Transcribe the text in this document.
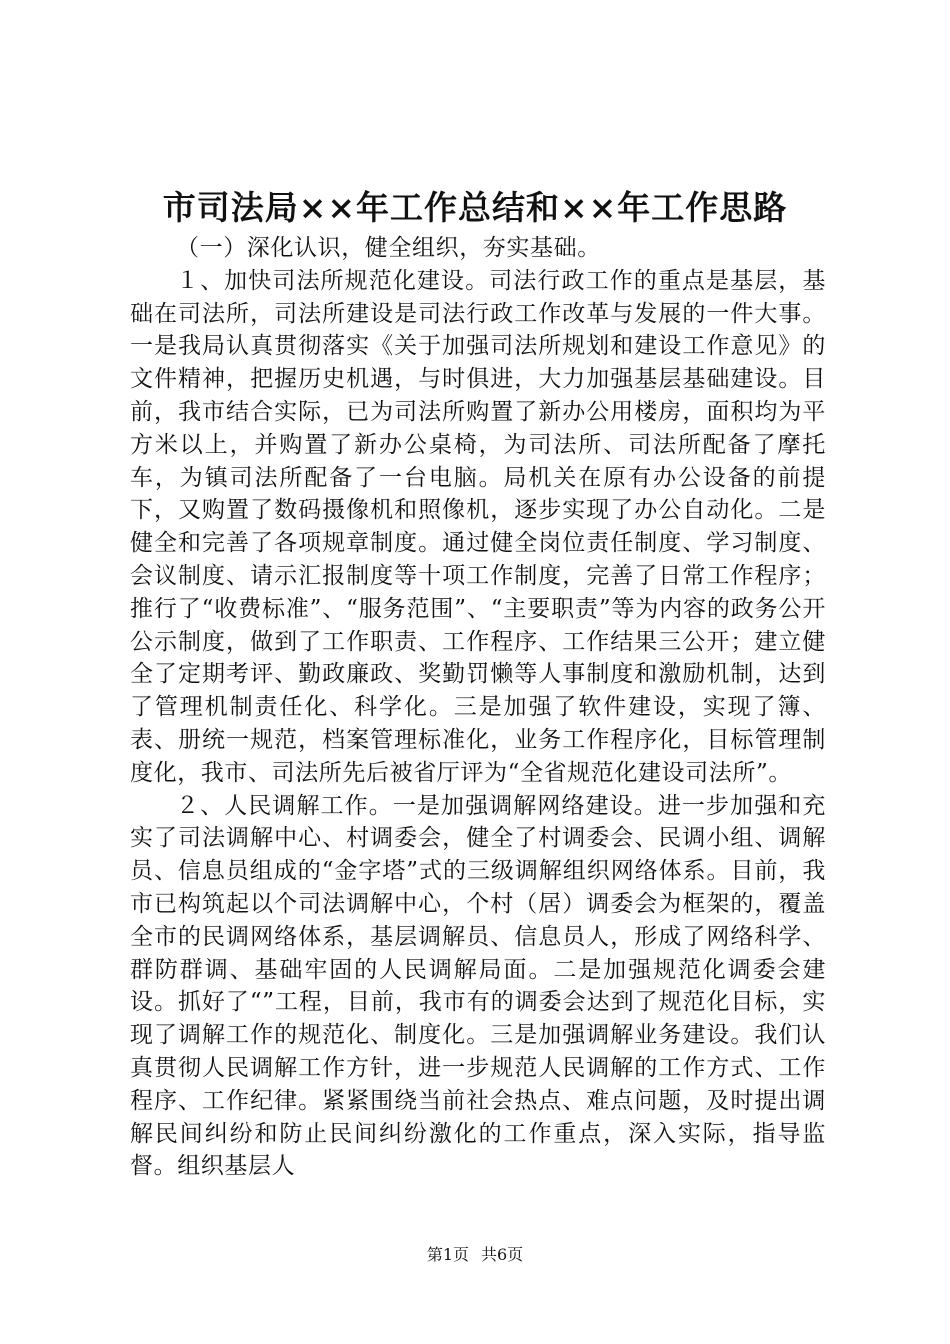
市司法局××年工作总结和××年工作思路

（一）深化认识，健全组织，夯实基础。

１、加快司法所规范化建设。司法行政工作的重点是基层，基础在司法所，司法所建设是司法行政工作改革与发展的一件大事。一是我局认真贯彻落实《关于加强司法所规划和建设工作意见》的文件精神，把握历史机遇，与时俱进，大力加强基层基础建设。目前，我市结合实际，已为司法所购置了新办公用楼房，面积均为平方米以上，并购置了新办公桌椅，为司法所、司法所配备了摩托车，为镇司法所配备了一台电脑。局机关在原有办公设备的前提下，又购置了数码摄像机和照像机，逐步实现了办公自动化。二是健全和完善了各项规章制度。通过健全岗位责任制度、学习制度、会议制度、请示汇报制度等十项工作制度，完善了日常工作程序；推行了“收费标准”、“服务范围”、“主要职责”等为内容的政务公开公示制度，做到了工作职责、工作程序、工作结果三公开；建立健全了定期考评、勤政廉政、奖勤罚懒等人事制度和激励机制，达到了管理机制责任化、科学化。三是加强了软件建设，实现了簿、表、册统一规范，档案管理标准化，业务工作程序化，目标管理制度化，我市、司法所先后被省厅评为“全省规范化建设司法所”。

２、人民调解工作。一是加强调解网络建设。进一步加强和充实了司法调解中心、村调委会，健全了村调委会、民调小组、调解员、信息员组成的“金字塔”式的三级调解组织网络体系。目前，我市已构筑起以个司法调解中心，个村（居）调委会为框架的，覆盖全市的民调网络体系，基层调解员、信息员人，形成了网络科学、群防群调、基础牢固的人民调解局面。二是加强规范化调委会建设。抓好了“”工程，目前，我市有的调委会达到了规范化目标，实现了调解工作的规范化、制度化。三是加强调解业务建设。我们认真贯彻人民调解工作方针，进一步规范人民调解的工作方式、工作程序、工作纪律。紧紧围绕当前社会热点、难点问题，及时提出调解民间纠纷和防止民间纠纷激化的工作重点，深入实际，指导监督。组织基层人

第1页 共6页
